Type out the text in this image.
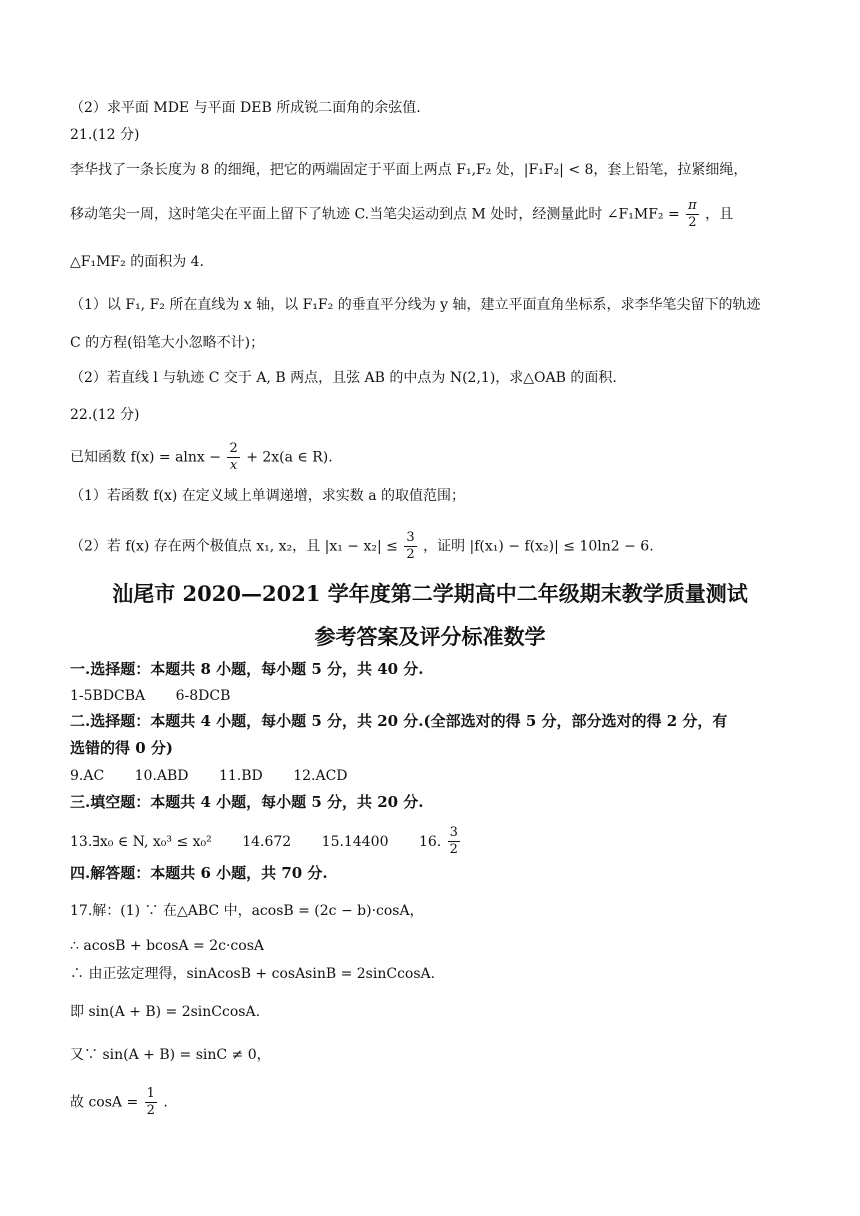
（2）求平面 MDE 与平面 DEB 所成锐二面角的余弦值.
21.(12 分)
李华找了一条长度为 8 的细绳，把它的两端固定于平面上两点 F₁,F₂ 处，|F₁F₂| < 8，套上铅笔，拉紧细绳，
移动笔尖一周，这时笔尖在平面上留下了轨迹 C.当笔尖运动到点 M 处时，经测量此时 ∠F₁MF₂ = $\frac{\pi}{2}$ ，且
△F₁MF₂ 的面积为 4.
（1）以 F₁, F₂ 所在直线为 x 轴，以 F₁F₂ 的垂直平分线为 y 轴，建立平面直角坐标系，求李华笔尖留下的轨迹
C 的方程(铅笔大小忽略不计)；
（2）若直线 l 与轨迹 C 交于 A, B 两点，且弦 AB 的中点为 N(2,1)，求△OAB 的面积.
22.(12 分)
已知函数 $f(x) = alnx - \frac{2}{x} + 2x(a$ ∈ R).
（1）若函数 f(x) 在定义域上单调递增，求实数 a 的取值范围；
（2）若 f(x) 存在两个极值点 x₁, x₂，且 $|x_1 - x_2| \le \frac{3}{2}$ ，证明 |f(x₁) − f(x₂)| ≤ 10ln2 − 6.
汕尾市 2020—2021 学年度第二学期高中二年级期末教学质量测试
参考答案及评分标准数学
一.选择题：本题共 8 小题，每小题 5 分，共 40 分.
1-5BDCBA 6-8DCB
二.选择题：本题共 4 小题，每小题 5 分，共 20 分.(全部选对的得 5 分，部分选对的得 2 分，有
选错的得 0 分)
9.AC 10.ABD 11.BD 12.ACD
三.填空题：本题共 4 小题，每小题 5 分，共 20 分.
13.∃x₀ ∈ N, x₀³ ≤ x₀² 14.672 15.14400 16. $\frac{3}{2}$
四.解答题：本题共 6 小题，共 70 分.
17.解：(1) ∵ 在△ABC 中，acosB = (2c − b)·cosA，
∴ acosB + bcosA = 2c·cosA
∴ 由正弦定理得，sinAcosB + cosAsinB = 2sinCcosA.
即 sin(A + B) = 2sinCcosA.
又∵ sin(A + B) = sinC ≠ 0，
故 $\cos A = \frac{1}{2}$ .
